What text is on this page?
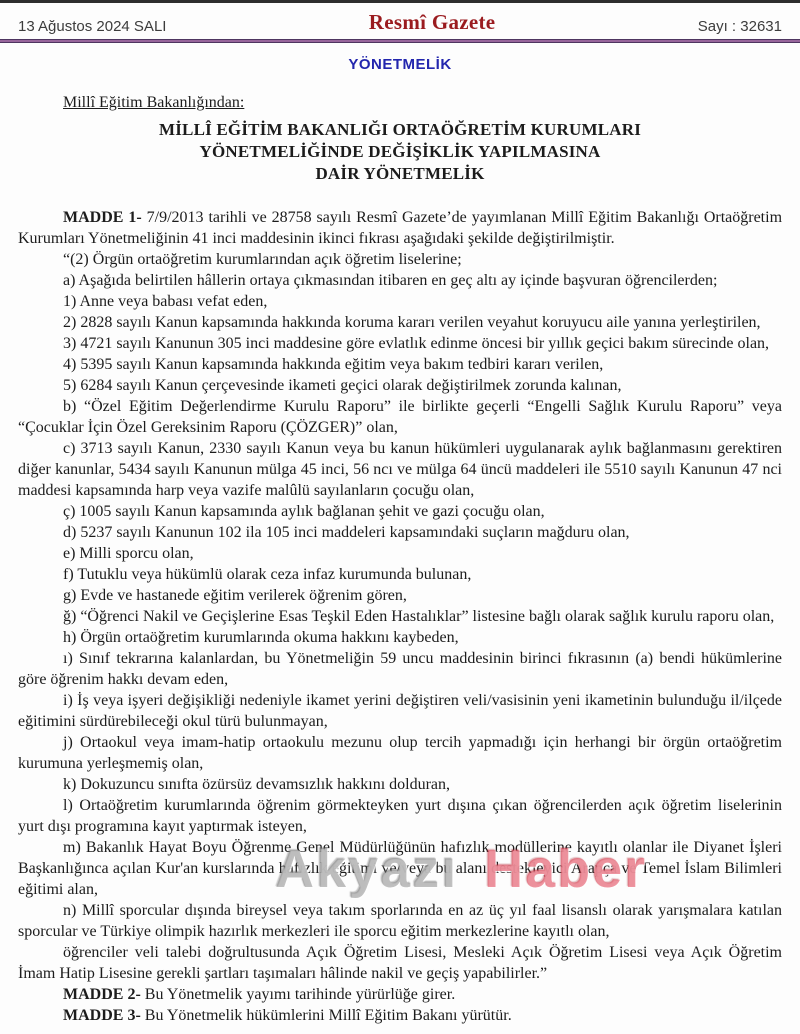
13 Ağustos 2024 SALI	Resmî Gazete	Sayı : 32631
YÖNETMELİK
Millî Eğitim Bakanlığından:
MİLLÎ EĞİTİM BAKANLIĞI ORTAÖĞRETİM KURUMLARI
YÖNETMELİĞİNDE DEĞİŞİKLİK YAPILMASINA
DAİR YÖNETMELİK

MADDE 1- 7/9/2013 tarihli ve 28758 sayılı Resmî Gazete’de yayımlanan Millî Eğitim Bakanlığı Ortaöğretim Kurumları Yönetmeliğinin 41 inci maddesinin ikinci fıkrası aşağıdaki şekilde değiştirilmiştir.

“(2) Örgün ortaöğretim kurumlarından açık öğretim liselerine;

a) Aşağıda belirtilen hâllerin ortaya çıkmasından itibaren en geç altı ay içinde başvuran öğrencilerden;

1) Anne veya babası vefat eden,

2) 2828 sayılı Kanun kapsamında hakkında koruma kararı verilen veyahut koruyucu aile yanına yerleştirilen,

3) 4721 sayılı Kanunun 305 inci maddesine göre evlatlık edinme öncesi bir yıllık geçici bakım sürecinde olan,

4) 5395 sayılı Kanun kapsamında hakkında eğitim veya bakım tedbiri kararı verilen,

5) 6284 sayılı Kanun çerçevesinde ikameti geçici olarak değiştirilmek zorunda kalınan,

b) “Özel Eğitim Değerlendirme Kurulu Raporu” ile birlikte geçerli “Engelli Sağlık Kurulu Raporu” veya “Çocuklar İçin Özel Gereksinim Raporu (ÇÖZGER)” olan,

c) 3713 sayılı Kanun, 2330 sayılı Kanun veya bu kanun hükümleri uygulanarak aylık bağlanmasını gerektiren diğer kanunlar, 5434 sayılı Kanunun mülga 45 inci, 56 ncı ve mülga 64 üncü maddeleri ile 5510 sayılı Kanunun 47 nci maddesi kapsamında harp veya vazife malûlü sayılanların çocuğu olan,

ç) 1005 sayılı Kanun kapsamında aylık bağlanan şehit ve gazi çocuğu olan,

d) 5237 sayılı Kanunun 102 ila 105 inci maddeleri kapsamındaki suçların mağduru olan,

e) Milli sporcu olan,

f) Tutuklu veya hükümlü olarak ceza infaz kurumunda bulunan,

g) Evde ve hastanede eğitim verilerek öğrenim gören,

ğ) “Öğrenci Nakil ve Geçişlerine Esas Teşkil Eden Hastalıklar” listesine bağlı olarak sağlık kurulu raporu olan,

h) Örgün ortaöğretim kurumlarında okuma hakkını kaybeden,

ı) Sınıf tekrarına kalanlardan, bu Yönetmeliğin 59 uncu maddesinin birinci fıkrasının (a) bendi hükümlerine göre öğrenim hakkı devam eden,

i) İş veya işyeri değişikliği nedeniyle ikamet yerini değiştiren veli/vasisinin yeni ikametinin bulunduğu il/ilçede eğitimini sürdürebileceği okul türü bulunmayan,

j) Ortaokul veya imam-hatip ortaokulu mezunu olup tercih yapmadığı için herhangi bir örgün ortaöğretim kurumuna yerleşmemiş olan,

k) Dokuzuncu sınıfta özürsüz devamsızlık hakkını dolduran,

l) Ortaöğretim kurumlarında öğrenim görmekteyken yurt dışına çıkan öğrencilerden açık öğretim liselerinin yurt dışı programına kayıt yaptırmak isteyen,

m) Bakanlık Hayat Boyu Öğrenme Genel Müdürlüğünün hafızlık modüllerine kayıtlı olanlar ile Diyanet İşleri Başkanlığınca açılan Kur'an kurslarında hafızlık eğitimi ve/veya bu alanı destekleyici Arapça ve Temel İslam Bilimleri eğitimi alan,

n) Millî sporcular dışında bireysel veya takım sporlarında en az üç yıl faal lisanslı olarak yarışmalara katılan sporcular ve Türkiye olimpik hazırlık merkezleri ile sporcu eğitim merkezlerine kayıtlı olan,

öğrenciler veli talebi doğrultusunda Açık Öğretim Lisesi, Mesleki Açık Öğretim Lisesi veya Açık Öğretim İmam Hatip Lisesine gerekli şartları taşımaları hâlinde nakil ve geçiş yapabilirler.”

MADDE 2- Bu Yönetmelik yayımı tarihinde yürürlüğe girer.

MADDE 3- Bu Yönetmelik hükümlerini Millî Eğitim Bakanı yürütür.

Akyazı Haber
